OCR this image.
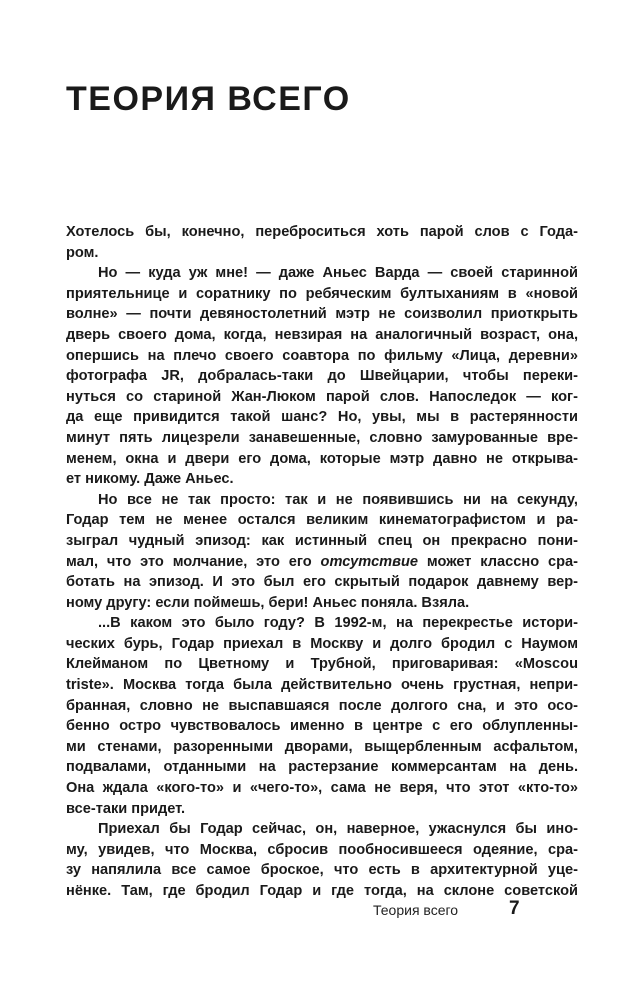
ТЕОРИЯ ВСЕГО
Хотелось бы, конечно, переброситься хоть парой слов с Года-
ром.
Но — куда уж мне! — даже Аньес Варда — своей старинной
приятельнице и соратнику по ребяческим бултыханиям в «новой
волне» — почти девяностолетний мэтр не соизволил приоткрыть
дверь своего дома, когда, невзирая на аналогичный возраст, она,
опершись на плечо своего соавтора по фильму «Лица, деревни»
фотографа JR, добралась-таки до Швейцарии, чтобы переки-
нуться со стариной Жан-Люком парой слов. Напоследок — ког-
да еще привидится такой шанс? Но, увы, мы в растерянности
минут пять лицезрели занавешенные, словно замурованные вре-
менем, окна и двери его дома, которые мэтр давно не открыва-
ет никому. Даже Аньес.
Но все не так просто: так и не появившись ни на секунду,
Годар тем не менее остался великим кинематографистом и ра-
зыграл чудный эпизод: как истинный спец он прекрасно пони-
мал, что это молчание, это его отсутствие может классно сра-
ботать на эпизод. И это был его скрытый подарок давнему вер-
ному другу: если поймешь, бери! Аньес поняла. Взяла.
...В каком это было году? В 1992-м, на перекрестье истори-
ческих бурь, Годар приехал в Москву и долго бродил с Наумом
Клейманом по Цветному и Трубной, приговаривая: «Moscou
triste». Москва тогда была действительно очень грустная, непри-
бранная, словно не выспавшаяся после долгого сна, и это осо-
бенно остро чувствовалось именно в центре с его облупленны-
ми стенами, разоренными дворами, выщербленным асфальтом,
подвалами, отданными на растерзание коммерсантам на день.
Она ждала «кого-то» и «чего-то», сама не веря, что этот «кто-то»
все-таки придет.
Приехал бы Годар сейчас, он, наверное, ужаснулся бы ино-
му, увидев, что Москва, сбросив пообносившееся одеяние, сра-
зу напялила все самое броское, что есть в архитектурной уце-
нёнке. Там, где бродил Годар и где тогда, на склоне советской
Теория всего	7
